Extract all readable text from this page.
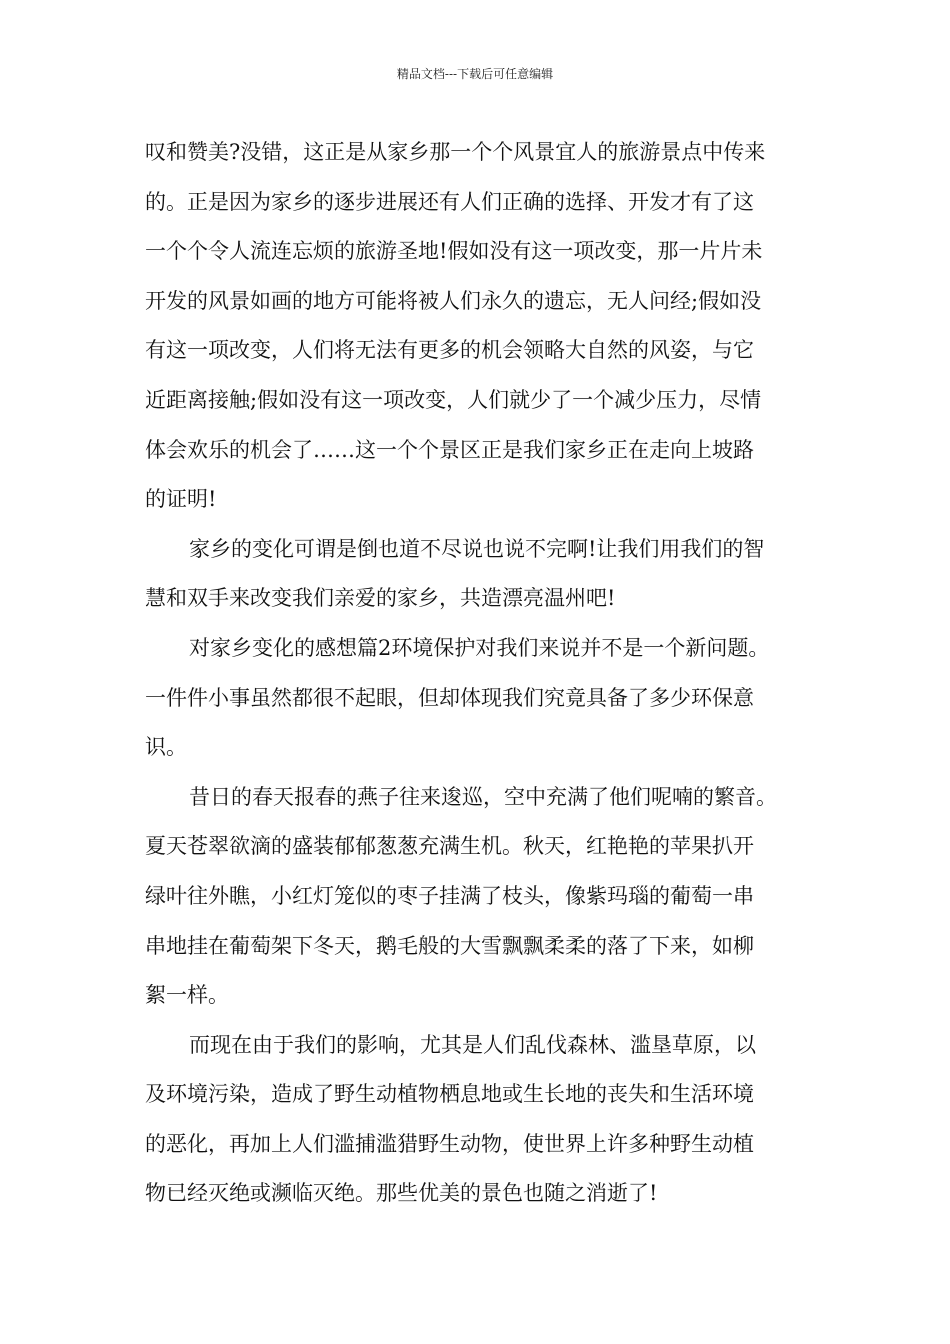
精品文档---下载后可任意编辑
叹和赞美?没错，这正是从家乡那一个个风景宜人的旅游景点中传来
的。正是因为家乡的逐步进展还有人们正确的选择、开发才有了这
一个个令人流连忘烦的旅游圣地!假如没有这一项改变，那一片片未
开发的风景如画的地方可能将被人们永久的遗忘，无人问经;假如没
有这一项改变，人们将无法有更多的机会领略大自然的风姿，与它
近距离接触;假如没有这一项改变，人们就少了一个减少压力，尽情
体会欢乐的机会了……这一个个景区正是我们家乡正在走向上坡路
的证明!
家乡的变化可谓是倒也道不尽说也说不完啊!让我们用我们的智
慧和双手来改变我们亲爱的家乡，共造漂亮温州吧!
对家乡变化的感想篇2环境保护对我们来说并不是一个新问题。
一件件小事虽然都很不起眼，但却体现我们究竟具备了多少环保意
识。
昔日的春天报春的燕子往来逡巡，空中充满了他们呢喃的繁音。
夏天苍翠欲滴的盛装郁郁葱葱充满生机。秋天，红艳艳的苹果扒开
绿叶往外瞧，小红灯笼似的枣子挂满了枝头，像紫玛瑙的葡萄一串
串地挂在葡萄架下冬天，鹅毛般的大雪飘飘柔柔的落了下来，如柳
絮一样。
而现在由于我们的影响，尤其是人们乱伐森林、滥垦草原，以
及环境污染，造成了野生动植物栖息地或生长地的丧失和生活环境
的恶化，再加上人们滥捕滥猎野生动物，使世界上许多种野生动植
物已经灭绝或濒临灭绝。那些优美的景色也随之消逝了!
